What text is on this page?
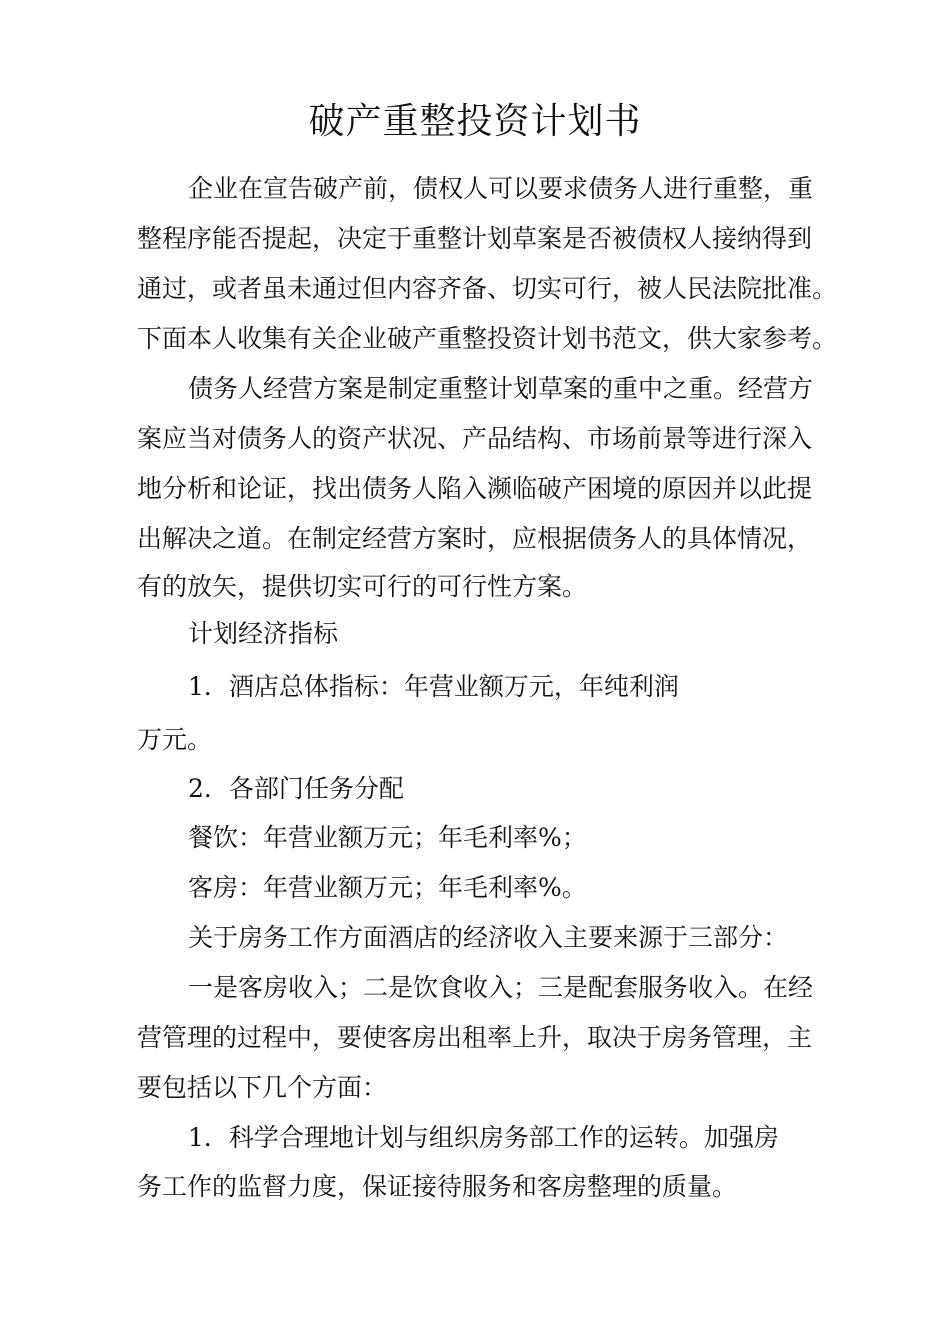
破产重整投资计划书

企业在宣告破产前，债权人可以要求债务人进行重整，重

整程序能否提起，决定于重整计划草案是否被债权人接纳得到

通过，或者虽未通过但内容齐备、切实可行，被人民法院批准。

下面本人收集有关企业破产重整投资计划书范文，供大家参考。

债务人经营方案是制定重整计划草案的重中之重。经营方

案应当对债务人的资产状况、产品结构、市场前景等进行深入

地分析和论证，找出债务人陷入濒临破产困境的原因并以此提

出解决之道。在制定经营方案时，应根据债务人的具体情况，

有的放矢，提供切实可行的可行性方案。

计划经济指标

1．酒店总体指标：年营业额万元，年纯利润

万元。

2．各部门任务分配

餐饮：年营业额万元；年毛利率%；

客房：年营业额万元；年毛利率%。

关于房务工作方面酒店的经济收入主要来源于三部分：

一是客房收入；二是饮食收入；三是配套服务收入。在经

营管理的过程中，要使客房出租率上升，取决于房务管理，主

要包括以下几个方面：

1．科学合理地计划与组织房务部工作的运转。加强房

务工作的监督力度，保证接待服务和客房整理的质量。
